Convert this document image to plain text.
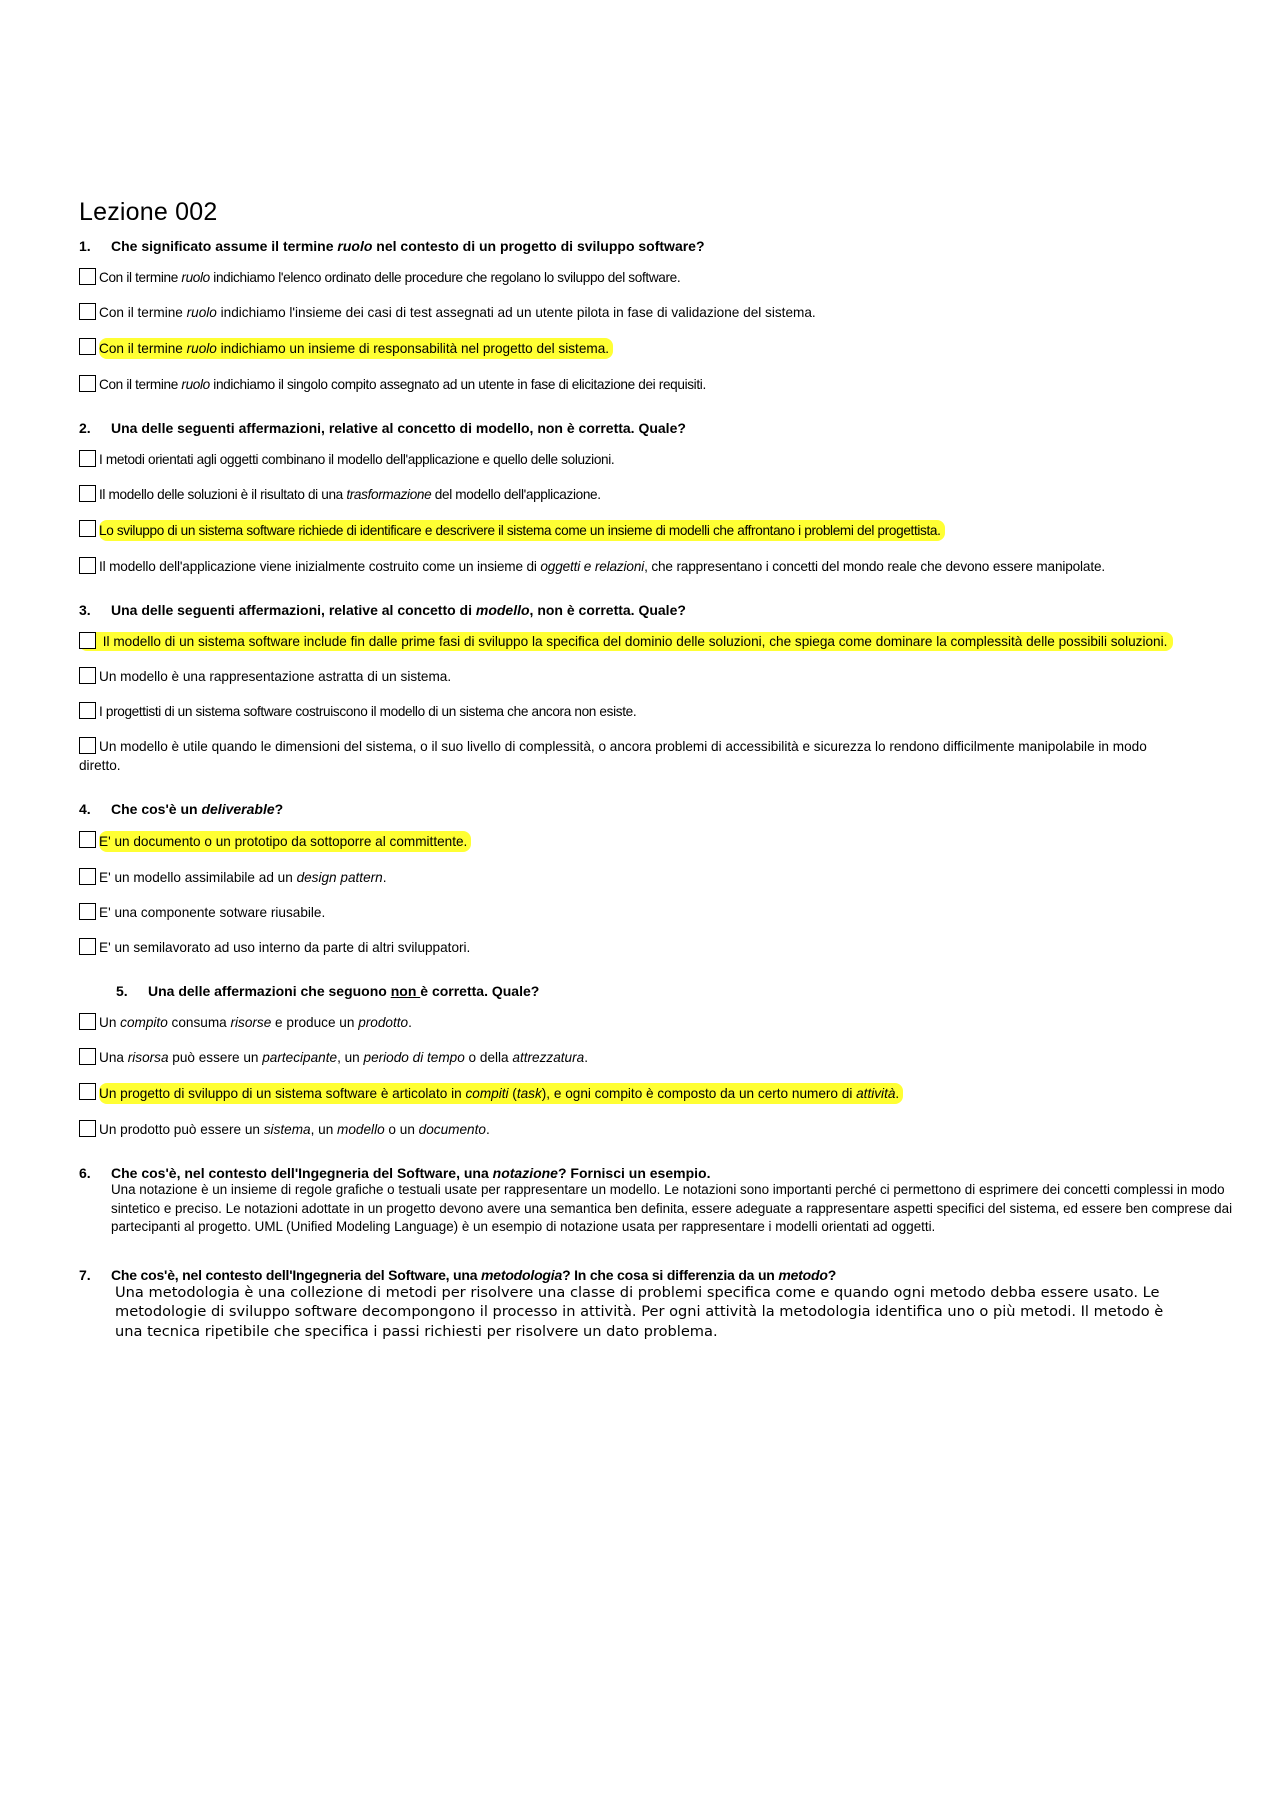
Lezione 002
1.	Che significato assume il termine ruolo nel contesto di un progetto di sviluppo software?
Con il termine ruolo indichiamo l'elenco ordinato delle procedure che regolano lo sviluppo del software.
Con il termine ruolo indichiamo l'insieme dei casi di test assegnati ad un utente pilota in fase di validazione del sistema.
Con il termine ruolo indichiamo un insieme di responsabilità nel progetto del sistema.
Con il termine ruolo indichiamo il singolo compito assegnato ad un utente in fase di elicitazione dei requisiti.
2.	Una delle seguenti affermazioni, relative al concetto di modello, non è corretta. Quale?
I metodi orientati agli oggetti combinano il modello dell'applicazione e quello delle soluzioni.
Il modello delle soluzioni è il risultato di una trasformazione del modello dell'applicazione.
Lo sviluppo di un sistema software richiede di identificare e descrivere il sistema come un insieme di modelli che affrontano i problemi del progettista.
Il modello dell'applicazione viene inizialmente costruito come un insieme di oggetti e relazioni, che rappresentano i concetti del mondo reale che devono essere manipolate.
3.	Una delle seguenti affermazioni, relative al concetto di modello, non è corretta. Quale?
Il modello di un sistema software include fin dalle prime fasi di sviluppo la specifica del dominio delle soluzioni, che spiega come dominare la complessità delle possibili soluzioni.
Un modello è una rappresentazione astratta di un sistema.
I progettisti di un sistema software costruiscono il modello di un sistema che ancora non esiste.
Un modello è utile quando le dimensioni del sistema, o il suo livello di complessità, o ancora problemi di accessibilità e sicurezza lo rendono difficilmente manipolabile in modo diretto.
4.	Che cos'è un deliverable?
E' un documento o un prototipo da sottoporre al committente.
E' un modello assimilabile ad un design pattern.
E' una componente sotware riusabile.
E' un semilavorato ad uso interno da parte di altri sviluppatori.
5.	Una delle affermazioni che seguono non è corretta. Quale?
Un compito consuma risorse e produce un prodotto.
Una risorsa può essere un partecipante, un periodo di tempo o della attrezzatura.
Un progetto di sviluppo di un sistema software è articolato in compiti (task), e ogni compito è composto da un certo numero di attività.
Un prodotto può essere un sistema, un modello o un documento.
6.	Che cos'è, nel contesto dell'Ingegneria del Software, una notazione? Fornisci un esempio.
Una notazione è un insieme di regole grafiche o testuali usate per rappresentare un modello. Le notazioni sono importanti perché ci permettono di esprimere dei concetti complessi in modo sintetico e preciso. Le notazioni adottate in un progetto devono avere una semantica ben definita, essere adeguate a rappresentare aspetti specifici del sistema, ed essere ben comprese dai partecipanti al progetto. UML (Unified Modeling Language) è un esempio di notazione usata per rappresentare i modelli orientati ad oggetti.
7.	Che cos'è, nel contesto dell'Ingegneria del Software, una metodologia? In che cosa si differenzia da un metodo?
Una metodologia è una collezione di metodi per risolvere una classe di problemi specifica come e quando ogni metodo debba essere usato. Le metodologie di sviluppo software decompongono il processo in attività. Per ogni attività la metodologia identifica uno o più metodi. Il metodo è una tecnica ripetibile che specifica i passi richiesti per risolvere un dato problema.
